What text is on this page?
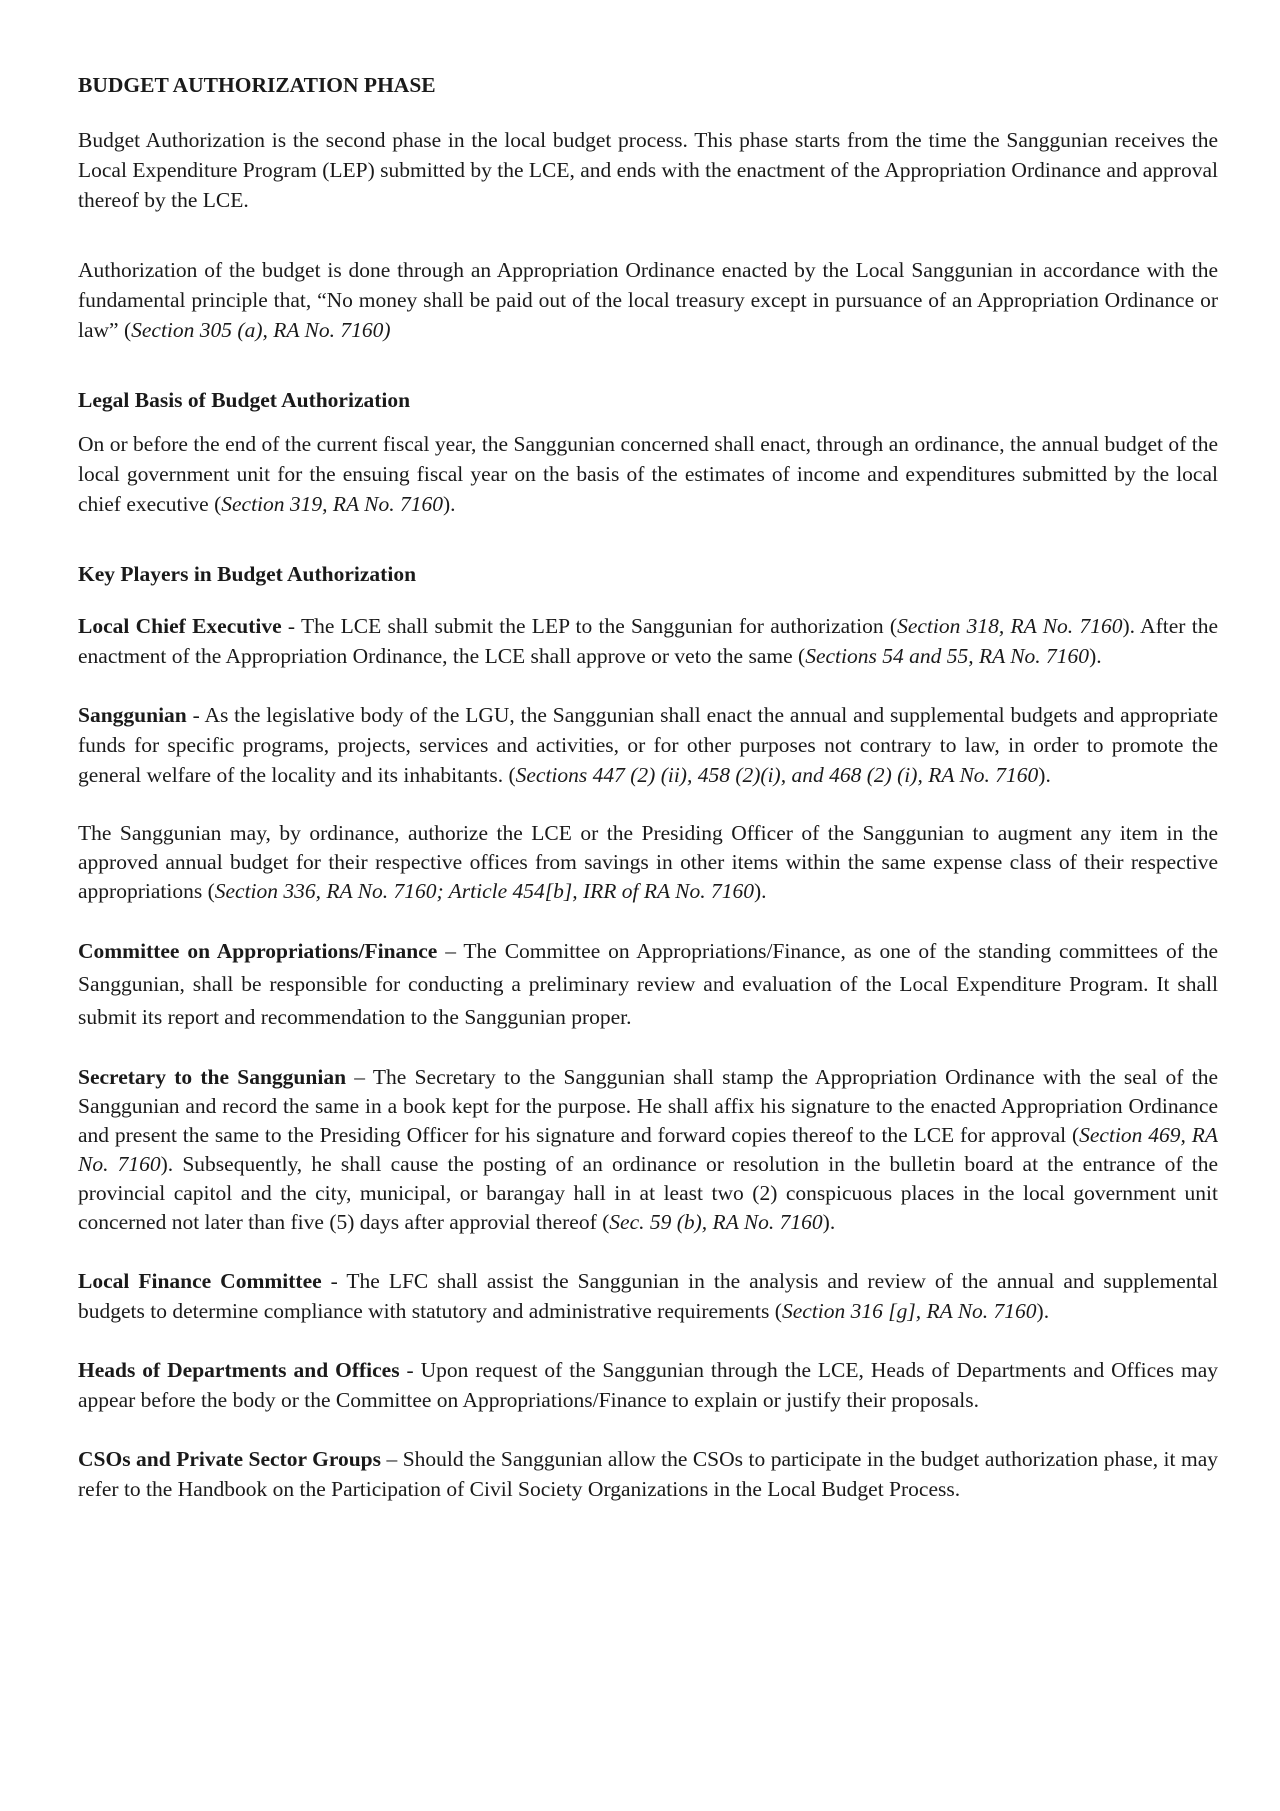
BUDGET AUTHORIZATION PHASE

Budget Authorization is the second phase in the local budget process. This phase starts from the time the Sanggunian receives the Local Expenditure Program (LEP) submitted by the LCE, and ends with the enactment of the Appropriation Ordinance and approval thereof by the LCE.

Authorization of the budget is done through an Appropriation Ordinance enacted by the Local Sanggunian in accordance with the fundamental principle that, “No money shall be paid out of the local treasury except in pursuance of an Appropriation Ordinance or law” (Section 305 (a), RA No. 7160)

Legal Basis of Budget Authorization

On or before the end of the current fiscal year, the Sanggunian concerned shall enact, through an ordinance, the annual budget of the local government unit for the ensuing fiscal year on the basis of the estimates of income and expenditures submitted by the local chief executive (Section 319, RA No. 7160).

Key Players in Budget Authorization

Local Chief Executive - The LCE shall submit the LEP to the Sanggunian for authorization (Section 318, RA No. 7160). After the enactment of the Appropriation Ordinance, the LCE shall approve or veto the same (Sections 54 and 55, RA No. 7160).

Sanggunian - As the legislative body of the LGU, the Sanggunian shall enact the annual and supplemental budgets and appropriate funds for specific programs, projects, services and activities, or for other purposes not contrary to law, in order to promote the general welfare of the locality and its inhabitants. (Sections 447 (2) (ii), 458 (2)(i), and 468 (2) (i), RA No. 7160).

The Sanggunian may, by ordinance, authorize the LCE or the Presiding Officer of the Sanggunian to augment any item in the approved annual budget for their respective offices from savings in other items within the same expense class of their respective appropriations (Section 336, RA No. 7160; Article 454[b], IRR of RA No. 7160).

Committee on Appropriations/Finance – The Committee on Appropriations/Finance, as one of the standing committees of the Sanggunian, shall be responsible for conducting a preliminary review and evaluation of the Local Expenditure Program. It shall submit its report and recommendation to the Sanggunian proper.

Secretary to the Sanggunian – The Secretary to the Sanggunian shall stamp the Appropriation Ordinance with the seal of the Sanggunian and record the same in a book kept for the purpose. He shall affix his signature to the enacted Appropriation Ordinance and present the same to the Presiding Officer for his signature and forward copies thereof to the LCE for approval (Section 469, RA No. 7160). Subsequently, he shall cause the posting of an ordinance or resolution in the bulletin board at the entrance of the provincial capitol and the city, municipal, or barangay hall in at least two (2) conspicuous places in the local government unit concerned not later than five (5) days after approvial thereof (Sec. 59 (b), RA No. 7160).

Local Finance Committee - The LFC shall assist the Sanggunian in the analysis and review of the annual and supplemental budgets to determine compliance with statutory and administrative requirements (Section 316 [g], RA No. 7160).

Heads of Departments and Offices - Upon request of the Sanggunian through the LCE, Heads of Departments and Offices may appear before the body or the Committee on Appropriations/Finance to explain or justify their proposals.

CSOs and Private Sector Groups – Should the Sanggunian allow the CSOs to participate in the budget authorization phase, it may refer to the Handbook on the Participation of Civil Society Organizations in the Local Budget Process.
